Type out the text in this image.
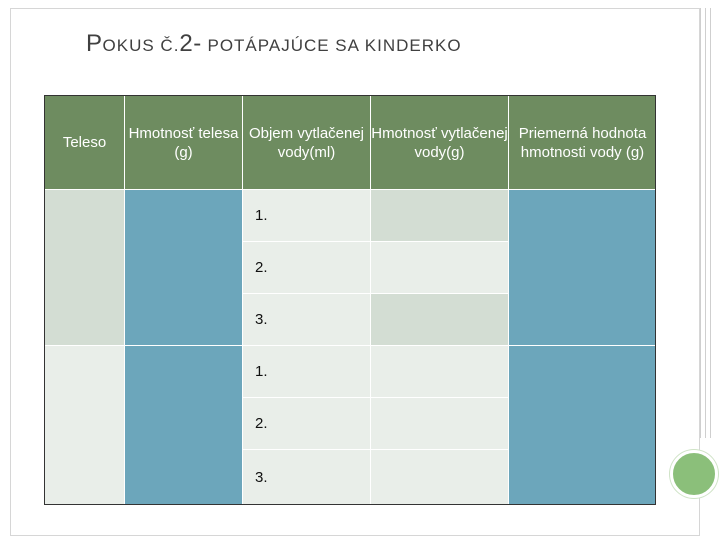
POKUS Č.2- POTÁPAJÚCE SA KINDERKO
Teleso	Hmotnosť telesa (g)	Objem vytlačenej vody(ml)	Hmotnosť vytlačenej vody(g)	Priemerná hodnota hmotnosti vody (g)
		1.		
		2.		
		3.		
		1.		
		2.		
		3.		
